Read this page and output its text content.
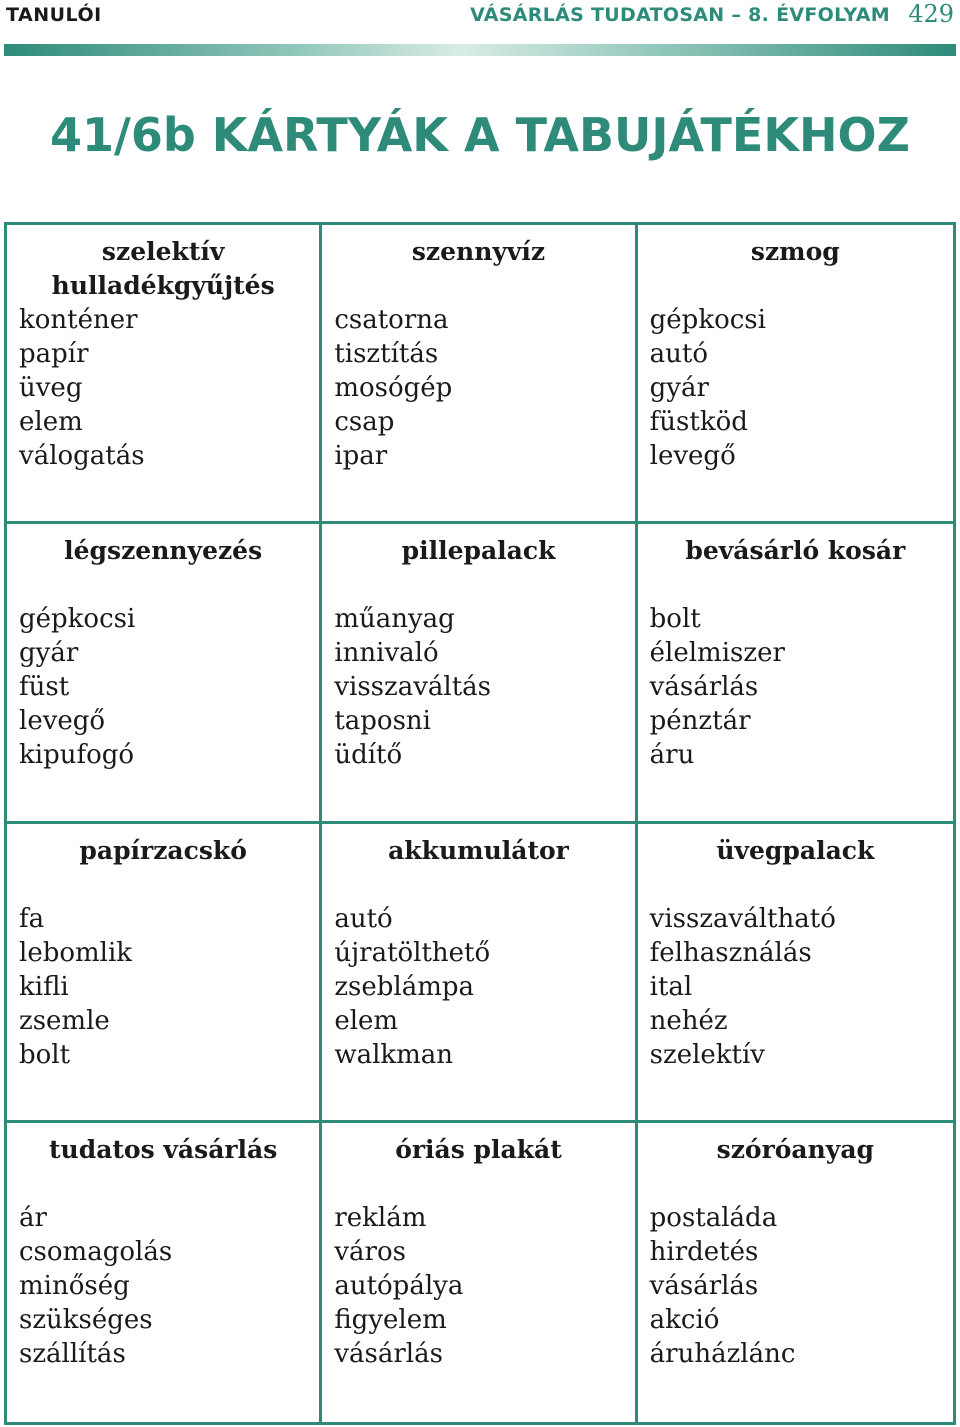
TANULÓI	VÁSÁRLÁS TUDATOSAN – 8. ÉVFOLYAM 429
41/6b KÁRTYÁK A TABUJÁTÉKHOZ
szelektív
hulladékgyűjtés
konténer
papír
üveg
elem
válogatás
szennyvíz
csatorna
tisztítás
mosógép
csap
ipar
szmog
gépkocsi
autó
gyár
füstköd
levegő
légszennyezés
gépkocsi
gyár
füst
levegő
kipufogó
pillepalack
műanyag
innivaló
visszaváltás
taposni
üdítő
bevásárló kosár
bolt
élelmiszer
vásárlás
pénztár
áru
papírzacskó
fa
lebomlik
kifli
zsemle
bolt
akkumulátor
autó
újratölthető
zseblámpa
elem
walkman
üvegpalack
visszaváltható
felhasználás
ital
nehéz
szelektív
tudatos vásárlás
ár
csomagolás
minőség
szükséges
szállítás
óriás plakát
reklám
város
autópálya
figyelem
vásárlás
szóróanyag
postaláda
hirdetés
vásárlás
akció
áruházlánc
